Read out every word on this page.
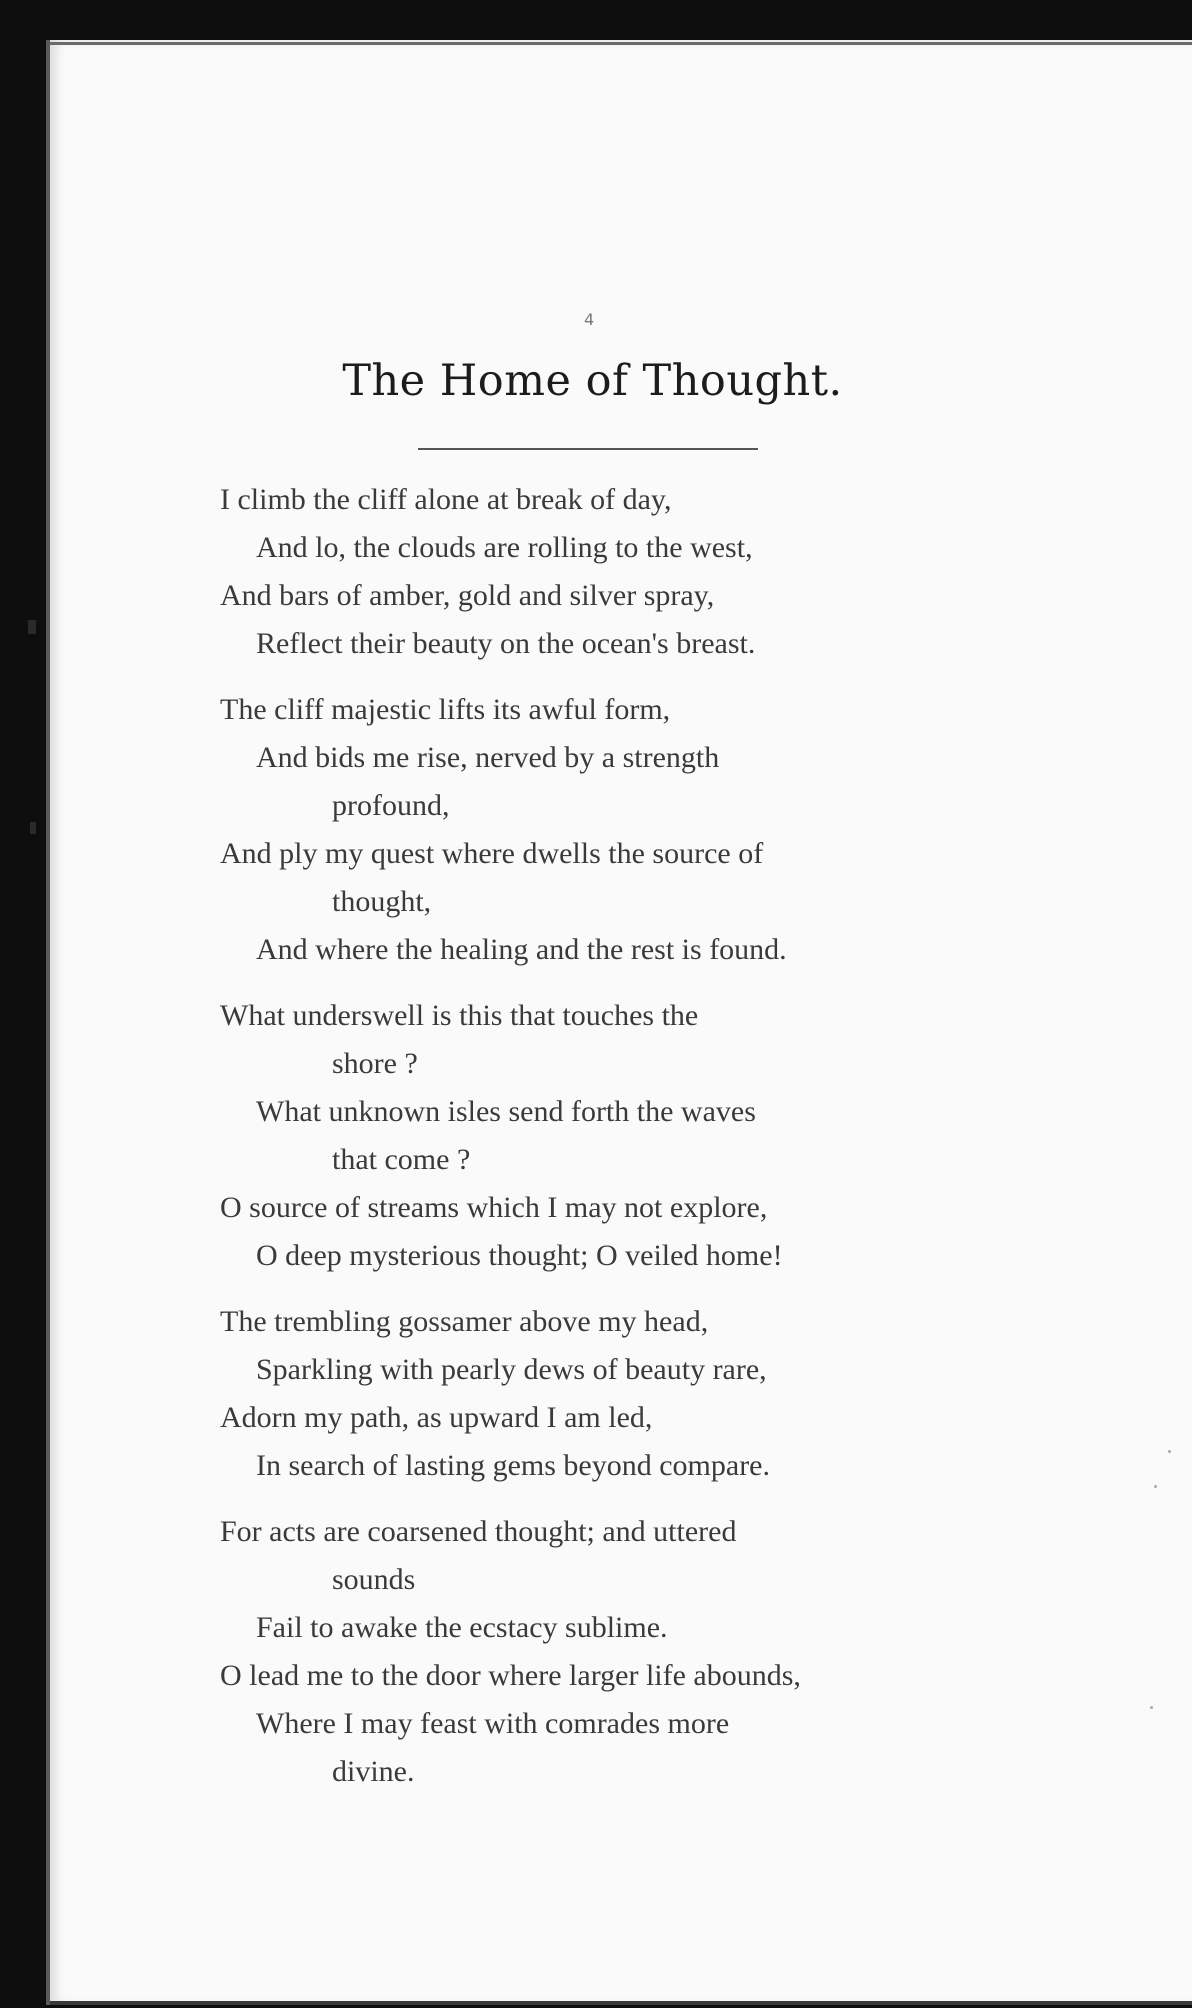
4
The Home of Thought.
I climb the cliff alone at break of day,
And lo, the clouds are rolling to the west,
And bars of amber, gold and silver spray,
Reflect their beauty on the ocean's breast.
The cliff majestic lifts its awful form,
And bids me rise, nerved by a strength
profound,
And ply my quest where dwells the source of
thought,
And where the healing and the rest is found.
What underswell is this that touches the
shore ?
What unknown isles send forth the waves
that come ?
O source of streams which I may not explore,
O deep mysterious thought; O veiled home!
The trembling gossamer above my head,
Sparkling with pearly dews of beauty rare,
Adorn my path, as upward I am led,
In search of lasting gems beyond compare.
For acts are coarsened thought; and uttered
sounds
Fail to awake the ecstacy sublime.
O lead me to the door where larger life abounds,
Where I may feast with comrades more
divine.
